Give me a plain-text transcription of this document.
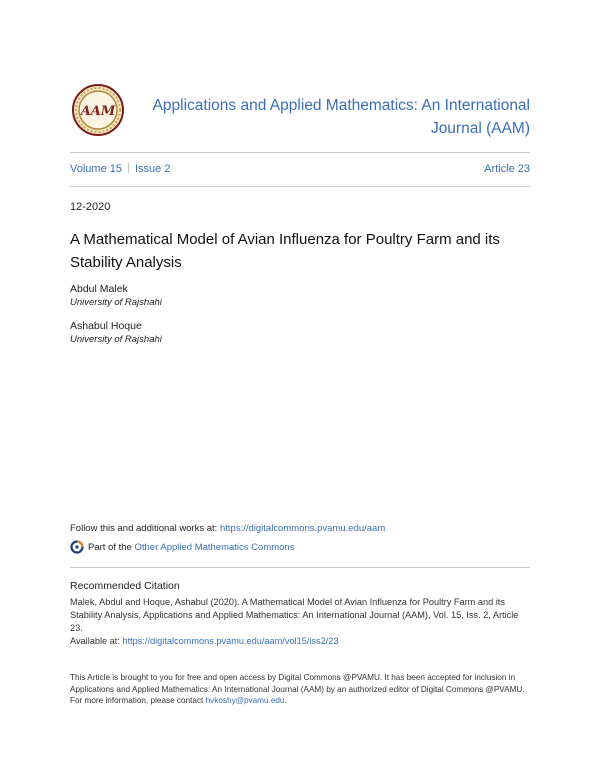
AAM	Applications and Applied Mathematics: An International
Journal (AAM)
Volume 15 Issue 2	Article 23
12-2020
A Mathematical Model of Avian Influenza for Poultry Farm and its
Stability Analysis
Abdul Malek
University of Rajshahi
Ashabul Hoque
University of Rajshahi
Follow this and additional works at: https://digitalcommons.pvamu.edu/aam
Part of the
Other Applied Mathematics Commons
Recommended Citation
Malek, Abdul and Hoque, Ashabul (2020). A Mathematical Model of Avian Influenza for Poultry Farm and its Stability Analysis, Applications and Applied Mathematics: An International Journal (AAM), Vol. 15, Iss. 2, Article 23.
Available at: https://digitalcommons.pvamu.edu/aam/vol15/iss2/23
This Article is brought to you for free and open access by Digital Commons @PVAMU. It has been accepted for inclusion in Applications and Applied Mathematics: An International Journal (AAM) by an authorized editor of Digital Commons @PVAMU. For more information, please contact hvkoshy@pvamu.edu.
